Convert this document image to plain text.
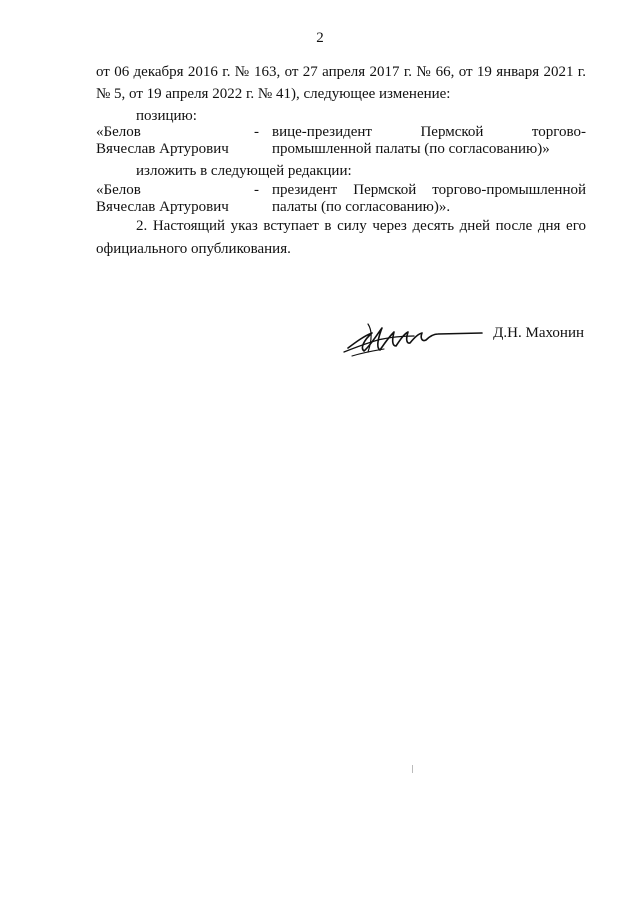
2
от 06 декабря 2016 г. № 163, от 27 апреля 2017 г. № 66, от 19 января 2021 г.
№ 5, от 19 апреля 2022 г. № 41), следующее изменение:
позицию:
«Белов
Вячеслав Артурович
- вице-президент Пермской торгово-
промышленной палаты (по согласованию)»
изложить в следующей редакции:
«Белов
Вячеслав Артурович
- президент Пермской торгово-промышленной
палаты (по согласованию)».
2. Настоящий указ вступает в силу через десять дней после дня его
официального опубликования.
Д.Н. Махонин
